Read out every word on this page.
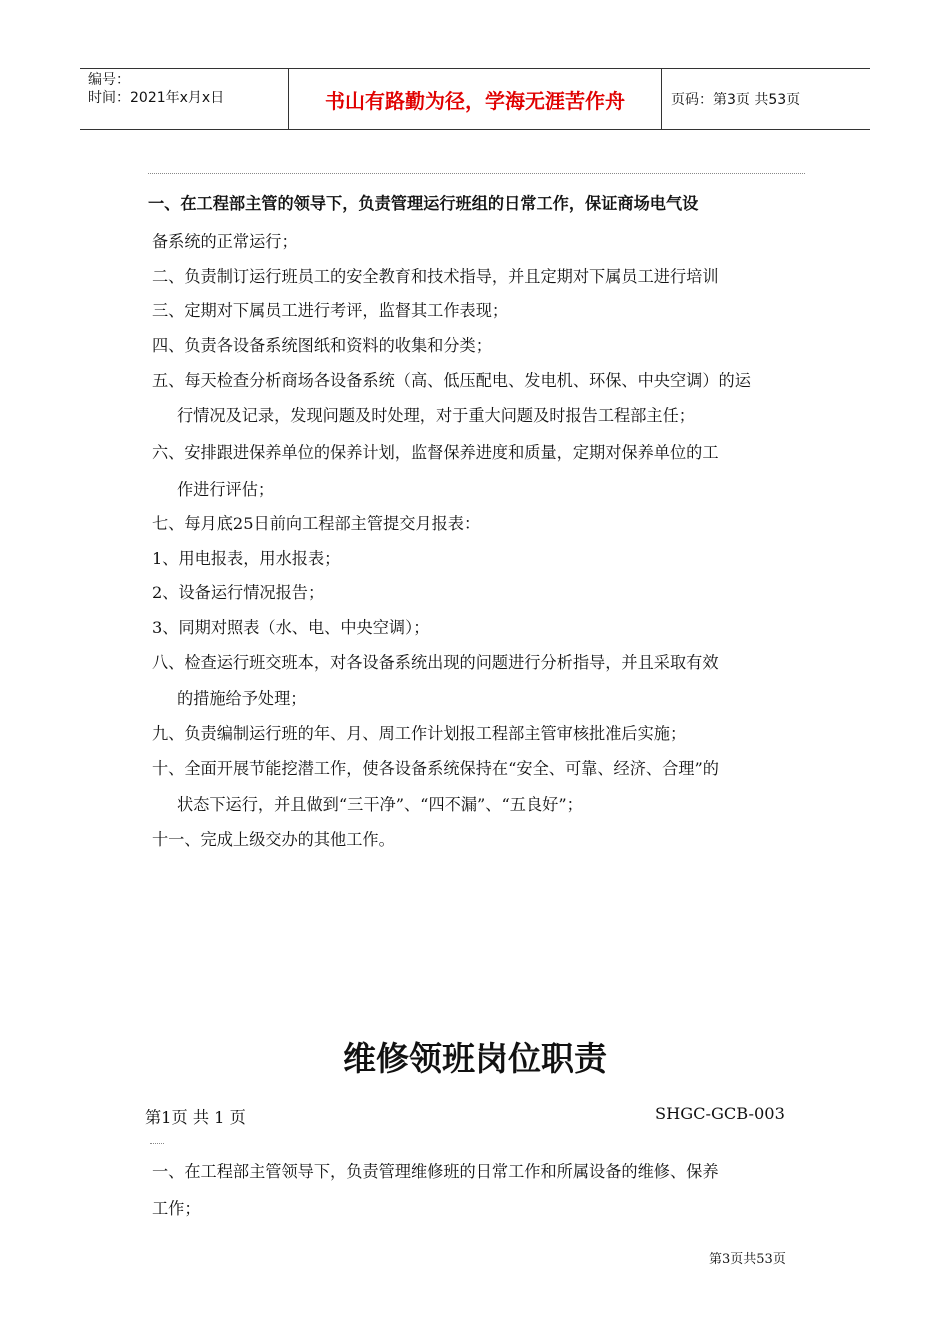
编号：
时间：2021年x月x日	书山有路勤为径，学海无涯苦作舟	页码：第3页 共53页
一、在工程部主管的领导下，负责管理运行班组的日常工作，保证商场电气设
备系统的正常运行；
二、负责制订运行班员工的安全教育和技术指导，并且定期对下属员工进行培训
三、定期对下属员工进行考评，监督其工作表现；
四、负责各设备系统图纸和资料的收集和分类；
五、每天检查分析商场各设备系统（高、低压配电、发电机、环保、中央空调）的运
行情况及记录，发现问题及时处理，对于重大问题及时报告工程部主任；
六、安排跟进保养单位的保养计划，监督保养进度和质量，定期对保养单位的工
作进行评估；
七、每月底25日前向工程部主管提交月报表：
1、用电报表，用水报表；
2、设备运行情况报告；
3、同期对照表（水、电、中央空调）；
八、检查运行班交班本，对各设备系统出现的问题进行分析指导，并且采取有效
的措施给予处理；
九、负责编制运行班的年、月、周工作计划报工程部主管审核批准后实施；
十、全面开展节能挖潜工作，使各设备系统保持在“安全、可靠、经济、合理”的
状态下运行，并且做到“三干净”、“四不漏”、“五良好”；
十一、完成上级交办的其他工作。
维修领班岗位职责
第1页 共 1 页	SHGC-GCB-003
一、在工程部主管领导下，负责管理维修班的日常工作和所属设备的维修、保养
工作；
第3页共53页
